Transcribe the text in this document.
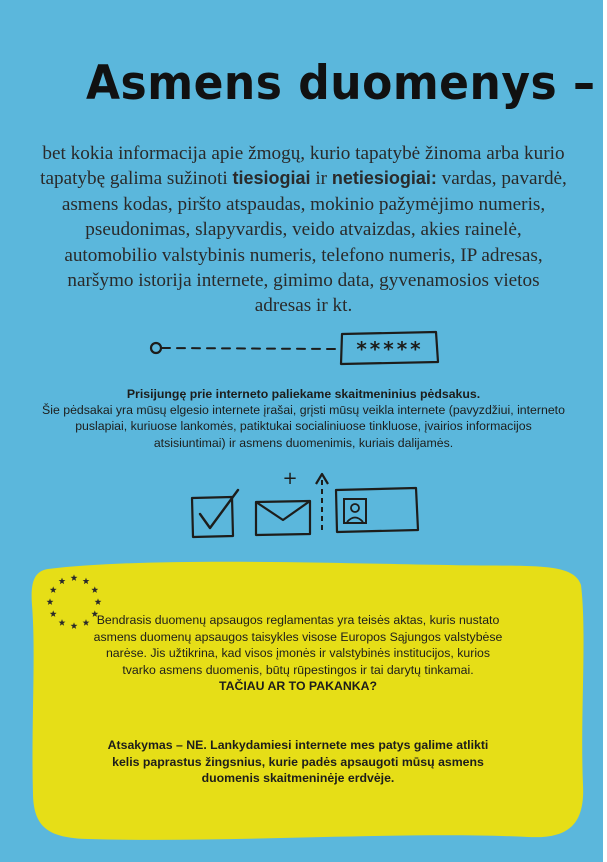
Asmens duomenys –
bet kokia informacija apie žmogų, kurio tapatybė žinoma arba kurio tapatybę galima sužinoti tiesiogiai ir netiesiogiai: vardas, pavardė, asmens kodas, piršto atspaudas, mokinio pažymėjimo numeris, pseudonimas, slapyvardis, veido atvaizdas, akies rainelė, automobilio valstybinis numeris, telefono numeris, IP adresas, naršymo istorija internete, gimimo data, gyvenamosios vietos adresas ir kt.
*****
Prisijungę prie interneto paliekame skaitmeninius pėdsakus.
Šie pėdsakai yra mūsų elgesio internete įrašai, grįsti mūsų veikla internete (pavyzdžiui, interneto puslapiai, kuriuose lankomės, patiktukai socialiniuose tinkluose, įvairios informacijos atsisiuntimai) ir asmens duomenimis, kuriais dalijamės.
+
Bendrasis duomenų apsaugos reglamentas yra teisės aktas, kuris nustato asmens duomenų apsaugos taisykles visose Europos Sąjungos valstybėse narėse. Jis užtikrina, kad visos įmonės ir valstybinės institucijos, kurios tvarko asmens duomenis, būtų rūpestingos ir tai darytų tinkamai.
TAČIAU AR TO PAKANKA?
Atsakymas – NE. Lankydamiesi internete mes patys galime atlikti kelis paprastus žingsnius, kurie padės apsaugoti mūsų asmens duomenis skaitmeninėje erdvėje.
